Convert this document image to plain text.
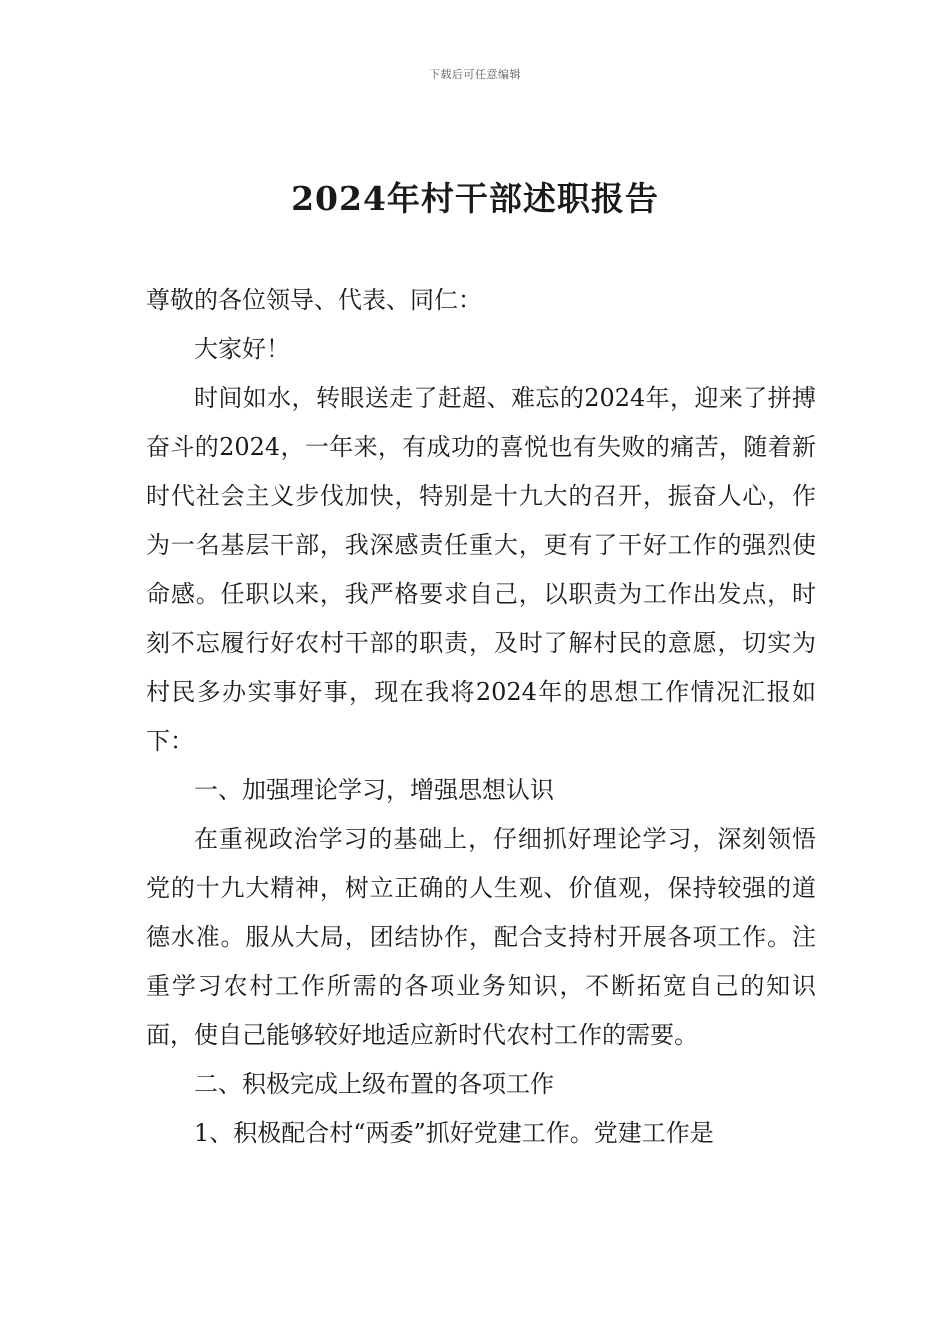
下载后可任意编辑
2024年村干部述职报告

尊敬的各位领导、代表、同仁：

大家好！

时间如水，转眼送走了赶超、难忘的2024年，迎来了拼搏奋斗的2024，一年来，有成功的喜悦也有失败的痛苦，随着新时代社会主义步伐加快，特别是十九大的召开，振奋人心，作为一名基层干部，我深感责任重大，更有了干好工作的强烈使命感。任职以来，我严格要求自己，以职责为工作出发点，时刻不忘履行好农村干部的职责，及时了解村民的意愿，切实为村民多办实事好事，现在我将2024年的思想工作情况汇报如下：

一、加强理论学习，增强思想认识

在重视政治学习的基础上，仔细抓好理论学习，深刻领悟党的十九大精神，树立正确的人生观、价值观，保持较强的道德水准。服从大局，团结协作，配合支持村开展各项工作。注重学习农村工作所需的各项业务知识，不断拓宽自己的知识面，使自己能够较好地适应新时代农村工作的需要。

二、积极完成上级布置的各项工作

1、积极配合村“两委”抓好党建工作。党建工作是
